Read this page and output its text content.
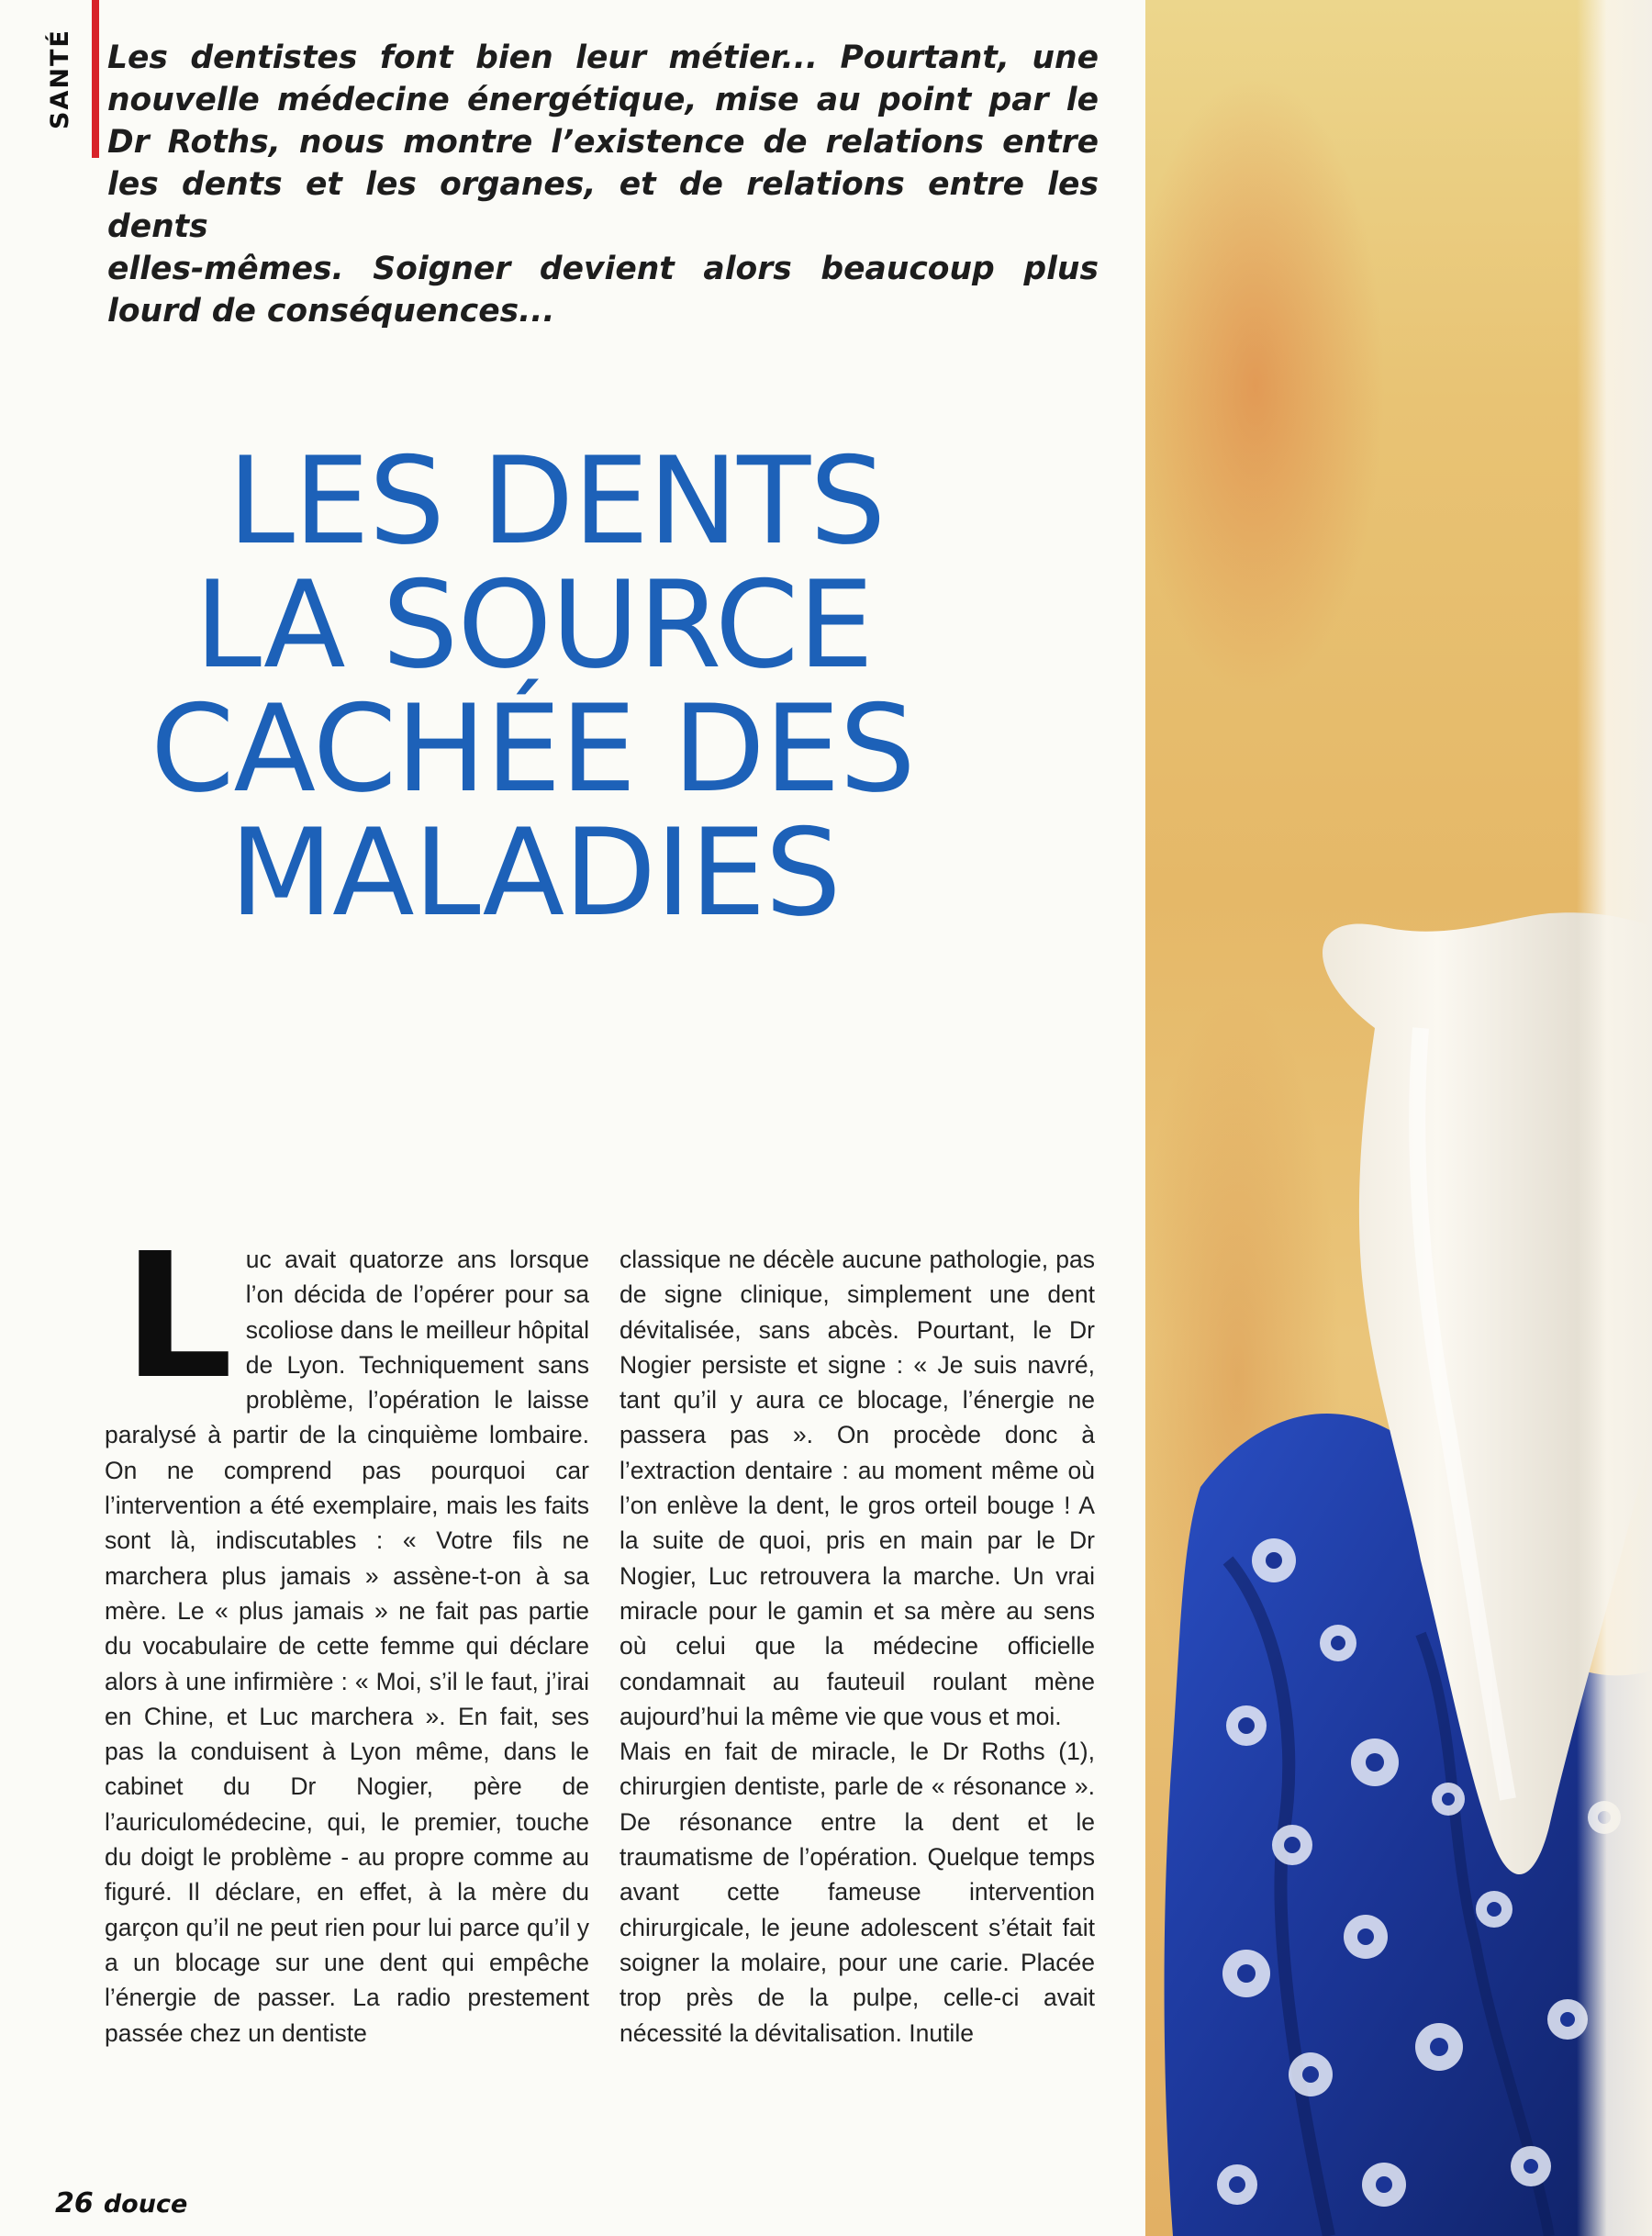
SANTÉ	Les dentistes font bien leur métier... Pourtant, une
nouvelle médecine énergétique, mise au point par le
Dr Roths, nous montre l’existence de relations entre
les dents et les organes, et de relations entre les dents
elles-mêmes. Soigner devient alors beaucoup plus
lourd de conséquences...

LES DENTS
LA SOURCE
CACHÉE DES
MALADIES
L uc avait quatorze ans lorsque l’on décida de l’opérer pour sa scoliose dans le meilleur hôpital de Lyon. Techniquement sans problème, l’opération le laisse paralysé à partir de la cinquième lombaire. On ne comprend pas pourquoi car l’intervention a été exemplaire, mais les faits sont là, indiscutables : « Votre fils ne marchera plus jamais » assène-t-on à sa mère. Le « plus jamais » ne fait pas partie du vocabulaire de cette femme qui déclare alors à une infirmière : « Moi, s’il le faut, j’irai en Chine, et Luc marchera ». En fait, ses pas la conduisent à Lyon même, dans le cabinet du Dr Nogier, père de l’auriculomédecine, qui, le premier, touche du doigt le problème - au propre comme au figuré. Il déclare, en effet, à la mère du garçon qu’il ne peut rien pour lui parce qu’il y a un blocage sur une dent qui empêche l’énergie de passer. La radio prestement passée chez un dentiste

classique ne décèle aucune pathologie, pas de signe clinique, simplement une dent dévitalisée, sans abcès. Pourtant, le Dr Nogier persiste et signe : « Je suis navré, tant qu’il y aura ce blocage, l’énergie ne passera pas ». On procède donc à l’extraction dentaire : au moment même où l’on enlève la dent, le gros orteil bouge ! A la suite de quoi, pris en main par le Dr Nogier, Luc retrouvera la marche. Un vrai miracle pour le gamin et sa mère au sens où celui que la médecine officielle condamnait au fauteuil roulant mène aujourd’hui la même vie que vous et moi.

Mais en fait de miracle, le Dr Roths (1), chirurgien dentiste, parle de « résonance ». De résonance entre la dent et le traumatisme de l’opération. Quelque temps avant cette fameuse intervention chirurgicale, le jeune adolescent s’était fait soigner la molaire, pour une carie. Placée trop près de la pulpe, celle-ci avait nécessité la dévitalisation. Inutile

26 douce
